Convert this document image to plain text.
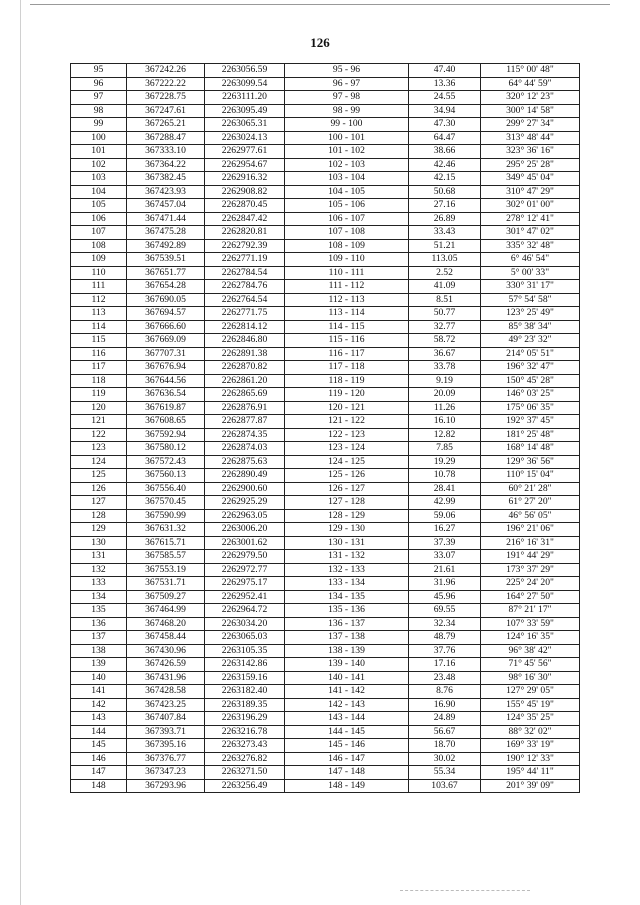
126
95	367242.26	2263056.59	95 - 96	47.40	115° 00' 48"
96	367222.22	2263099.54	96 - 97	13.36	64° 44' 59"
97	367228.75	2263111.20	97 - 98	24.55	320° 12' 23"
98	367247.61	2263095.49	98 - 99	34.94	300° 14' 58"
99	367265.21	2263065.31	99 - 100	47.30	299° 27' 34"
100	367288.47	2263024.13	100 - 101	64.47	313° 48' 44"
101	367333.10	2262977.61	101 - 102	38.66	323° 36' 16"
102	367364.22	2262954.67	102 - 103	42.46	295° 25' 28"
103	367382.45	2262916.32	103 - 104	42.15	349° 45' 04"
104	367423.93	2262908.82	104 - 105	50.68	310° 47' 29"
105	367457.04	2262870.45	105 - 106	27.16	302° 01' 00"
106	367471.44	2262847.42	106 - 107	26.89	278° 12' 41"
107	367475.28	2262820.81	107 - 108	33.43	301° 47' 02"
108	367492.89	2262792.39	108 - 109	51.21	335° 32' 48"
109	367539.51	2262771.19	109 - 110	113.05	6° 46' 54"
110	367651.77	2262784.54	110 - 111	2.52	5° 00' 33"
111	367654.28	2262784.76	111 - 112	41.09	330° 31' 17"
112	367690.05	2262764.54	112 - 113	8.51	57° 54' 58"
113	367694.57	2262771.75	113 - 114	50.77	123° 25' 49"
114	367666.60	2262814.12	114 - 115	32.77	85° 38' 34"
115	367669.09	2262846.80	115 - 116	58.72	49° 23' 32"
116	367707.31	2262891.38	116 - 117	36.67	214° 05' 51"
117	367676.94	2262870.82	117 - 118	33.78	196° 32' 47"
118	367644.56	2262861.20	118 - 119	9.19	150° 45' 28"
119	367636.54	2262865.69	119 - 120	20.09	146° 03' 25"
120	367619.87	2262876.91	120 - 121	11.26	175° 06' 35"
121	367608.65	2262877.87	121 - 122	16.10	192° 37' 45"
122	367592.94	2262874.35	122 - 123	12.82	181° 25' 48"
123	367580.12	2262874.03	123 - 124	7.85	168° 14' 48"
124	367572.43	2262875.63	124 - 125	19.29	129° 36' 56"
125	367560.13	2262890.49	125 - 126	10.78	110° 15' 04"
126	367556.40	2262900.60	126 - 127	28.41	60° 21' 28"
127	367570.45	2262925.29	127 - 128	42.99	61° 27' 20"
128	367590.99	2262963.05	128 - 129	59.06	46° 56' 05"
129	367631.32	2263006.20	129 - 130	16.27	196° 21' 06"
130	367615.71	2263001.62	130 - 131	37.39	216° 16' 31"
131	367585.57	2262979.50	131 - 132	33.07	191° 44' 29"
132	367553.19	2262972.77	132 - 133	21.61	173° 37' 29"
133	367531.71	2262975.17	133 - 134	31.96	225° 24' 20"
134	367509.27	2262952.41	134 - 135	45.96	164° 27' 50"
135	367464.99	2262964.72	135 - 136	69.55	87° 21' 17"
136	367468.20	2263034.20	136 - 137	32.34	107° 33' 59"
137	367458.44	2263065.03	137 - 138	48.79	124° 16' 35"
138	367430.96	2263105.35	138 - 139	37.76	96° 38' 42"
139	367426.59	2263142.86	139 - 140	17.16	71° 45' 56"
140	367431.96	2263159.16	140 - 141	23.48	98° 16' 30"
141	367428.58	2263182.40	141 - 142	8.76	127° 29' 05"
142	367423.25	2263189.35	142 - 143	16.90	155° 45' 19"
143	367407.84	2263196.29	143 - 144	24.89	124° 35' 25"
144	367393.71	2263216.78	144 - 145	56.67	88° 32' 02"
145	367395.16	2263273.43	145 - 146	18.70	169° 33' 19"
146	367376.77	2263276.82	146 - 147	30.02	190° 12' 33"
147	367347.23	2263271.50	147 - 148	55.34	195° 44' 11"
148	367293.96	2263256.49	148 - 149	103.67	201° 39' 09"
